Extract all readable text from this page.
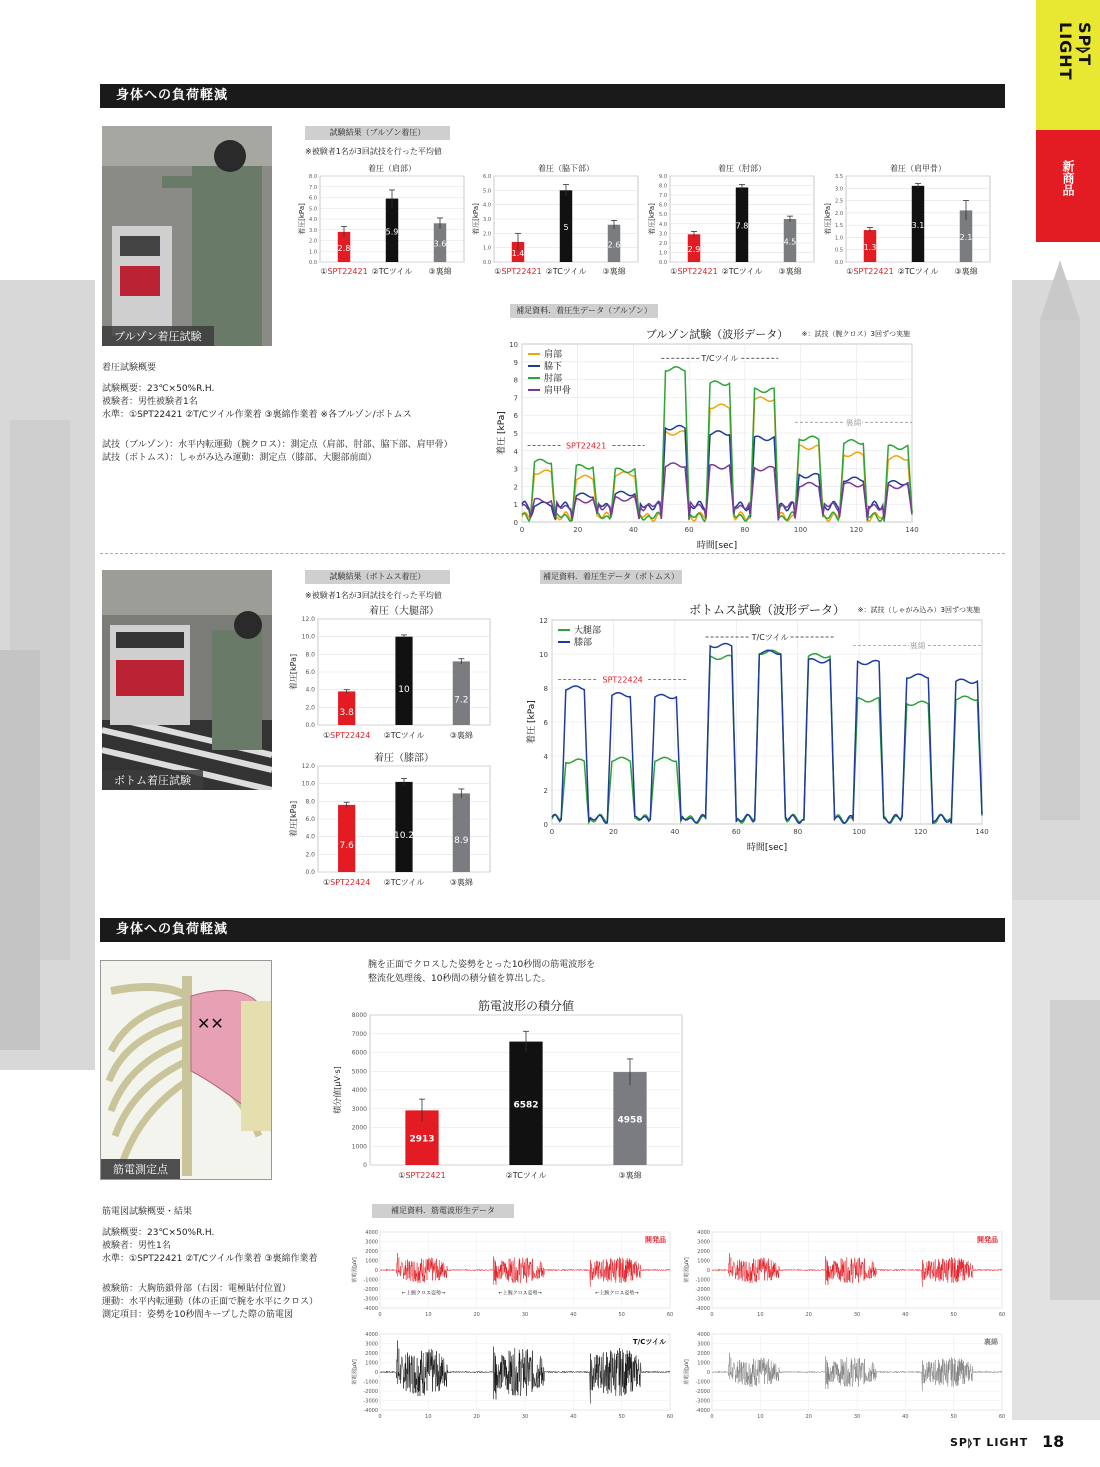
SP⦊T LIGHT
新商品
身体への負荷軽減
ブルゾン着圧試験
試験結果（ブルゾン着圧）
※被験者1名が3回試技を行った平均値
0.0
1.0
2.0
3.0
4.0
5.0
6.0
7.0
8.0
着圧（肩部）
着圧[kPa]
2.8
①SPT22421
5.9
②TCツイル
3.6
③裏綿
0.0
1.0
2.0
3.0
4.0
5.0
6.0
着圧（脇下部）
着圧[kPa]
1.4
①SPT22421
5
②TCツイル
2.6
③裏綿
0.0
1.0
2.0
3.0
4.0
5.0
6.0
7.0
8.0
9.0
着圧（肘部）
着圧[kPa]
2.9
①SPT22421
7.8
②TCツイル
4.5
③裏綿
0.0
0.5
1.0
1.5
2.0
2.5
3.0
3.5
着圧（肩甲骨）
着圧[kPa]
1.3
①SPT22421
3.1
②TCツイル
2.1
③裏綿
着圧試験概要
試験概要：23℃×50%R.H.
被験者：男性被験者1名
水準：①SPT22421 ②T/Cツイル作業着 ③裏綿作業着 ※各ブルゾン/ボトムス
試技（ブルゾン）：水平内転運動（腕クロス）：測定点（肩部、肘部、脇下部、肩甲骨）
試技（ボトムス）：しゃがみ込み運動：測定点（膝部、大腿部前面）
補足資料．着圧生データ（ブルゾン）
0
1
2
3
4
5
6
7
8
9
10
0	20	40	60	80	100	120	140
ブルゾン試験（波形データ） ※：試技（腕クロス）3回ずつ実施
時間[sec]
着圧 [kPa]
肩部
脇下
肘部
肩甲骨
SPT22421
T/Cツイル
裏綿
ボトム着圧試験
試験結果（ボトムス着圧）
※被験者1名が3回試技を行った平均値
0.0
2.0
4.0
6.0
8.0
10.0
12.0
着圧（大腿部）
着圧[kPa]
3.8
①SPT22424
10
②TCツイル
7.2
③裏綿
0.0
2.0
4.0
6.0
8.0
10.0
12.0
着圧（膝部）
着圧[kPa]
7.6
①SPT22424
10.2
②TCツイル
8.9
③裏綿
補足資料．着圧生データ（ボトムス）
0
2
4
6
8
10
12
0	20	40	60	80	100	120	140
ボトムス試験（波形データ） ※：試技（しゃがみ込み）3回ずつ実施
時間[sec]
着圧 [kPa]
大腿部
膝部
SPT22424
T/Cツイル
裏綿
身体への負荷軽減
✕✕
筋電測定点
腕を正面でクロスした姿勢をとった10秒間の筋電波形を
整流化処理後、10秒間の積分値を算出した。
0
1000
2000
3000
4000
5000
6000
7000
8000
筋電波形の積分値
積分値[μV·s]
2913
①SPT22421
6582
②TCツイル
4958
③裏綿
筋電図試験概要・結果
試験概要：23℃×50%R.H.
被験者：男性1名
水準：①SPT22421 ②T/Cツイル作業着 ③裏綿作業着
被験筋：大胸筋鎖骨部（右図：電極貼付位置）
運動：水平内転運動（体の正面で腕を水平にクロス）
測定項目：姿勢を10秒間キープした際の筋電図
補足資料．筋電波形生データ
-4000
-3000
-2000
-1000
0
1000
2000
3000
4000
0	10	20	30	40	50	60
筋電図[μV]
開発品
←上腕クロス姿勢→	←上腕クロス姿勢→	←上腕クロス姿勢→
-4000
-3000
-2000
-1000
0
1000
2000
3000
4000
0	10	20	30	40	50	60
筋電図[μV]
開発品
-4000
-3000
-2000
-1000
0
1000
2000
3000
4000
0	10	20	30	40	50	60
筋電図[μV]
T/Cツイル
-4000
-3000
-2000
-1000
0
1000
2000
3000
4000
0	10	20	30	40	50	60
筋電図[μV]
裏綿
SP⦊T LIGHT 18
